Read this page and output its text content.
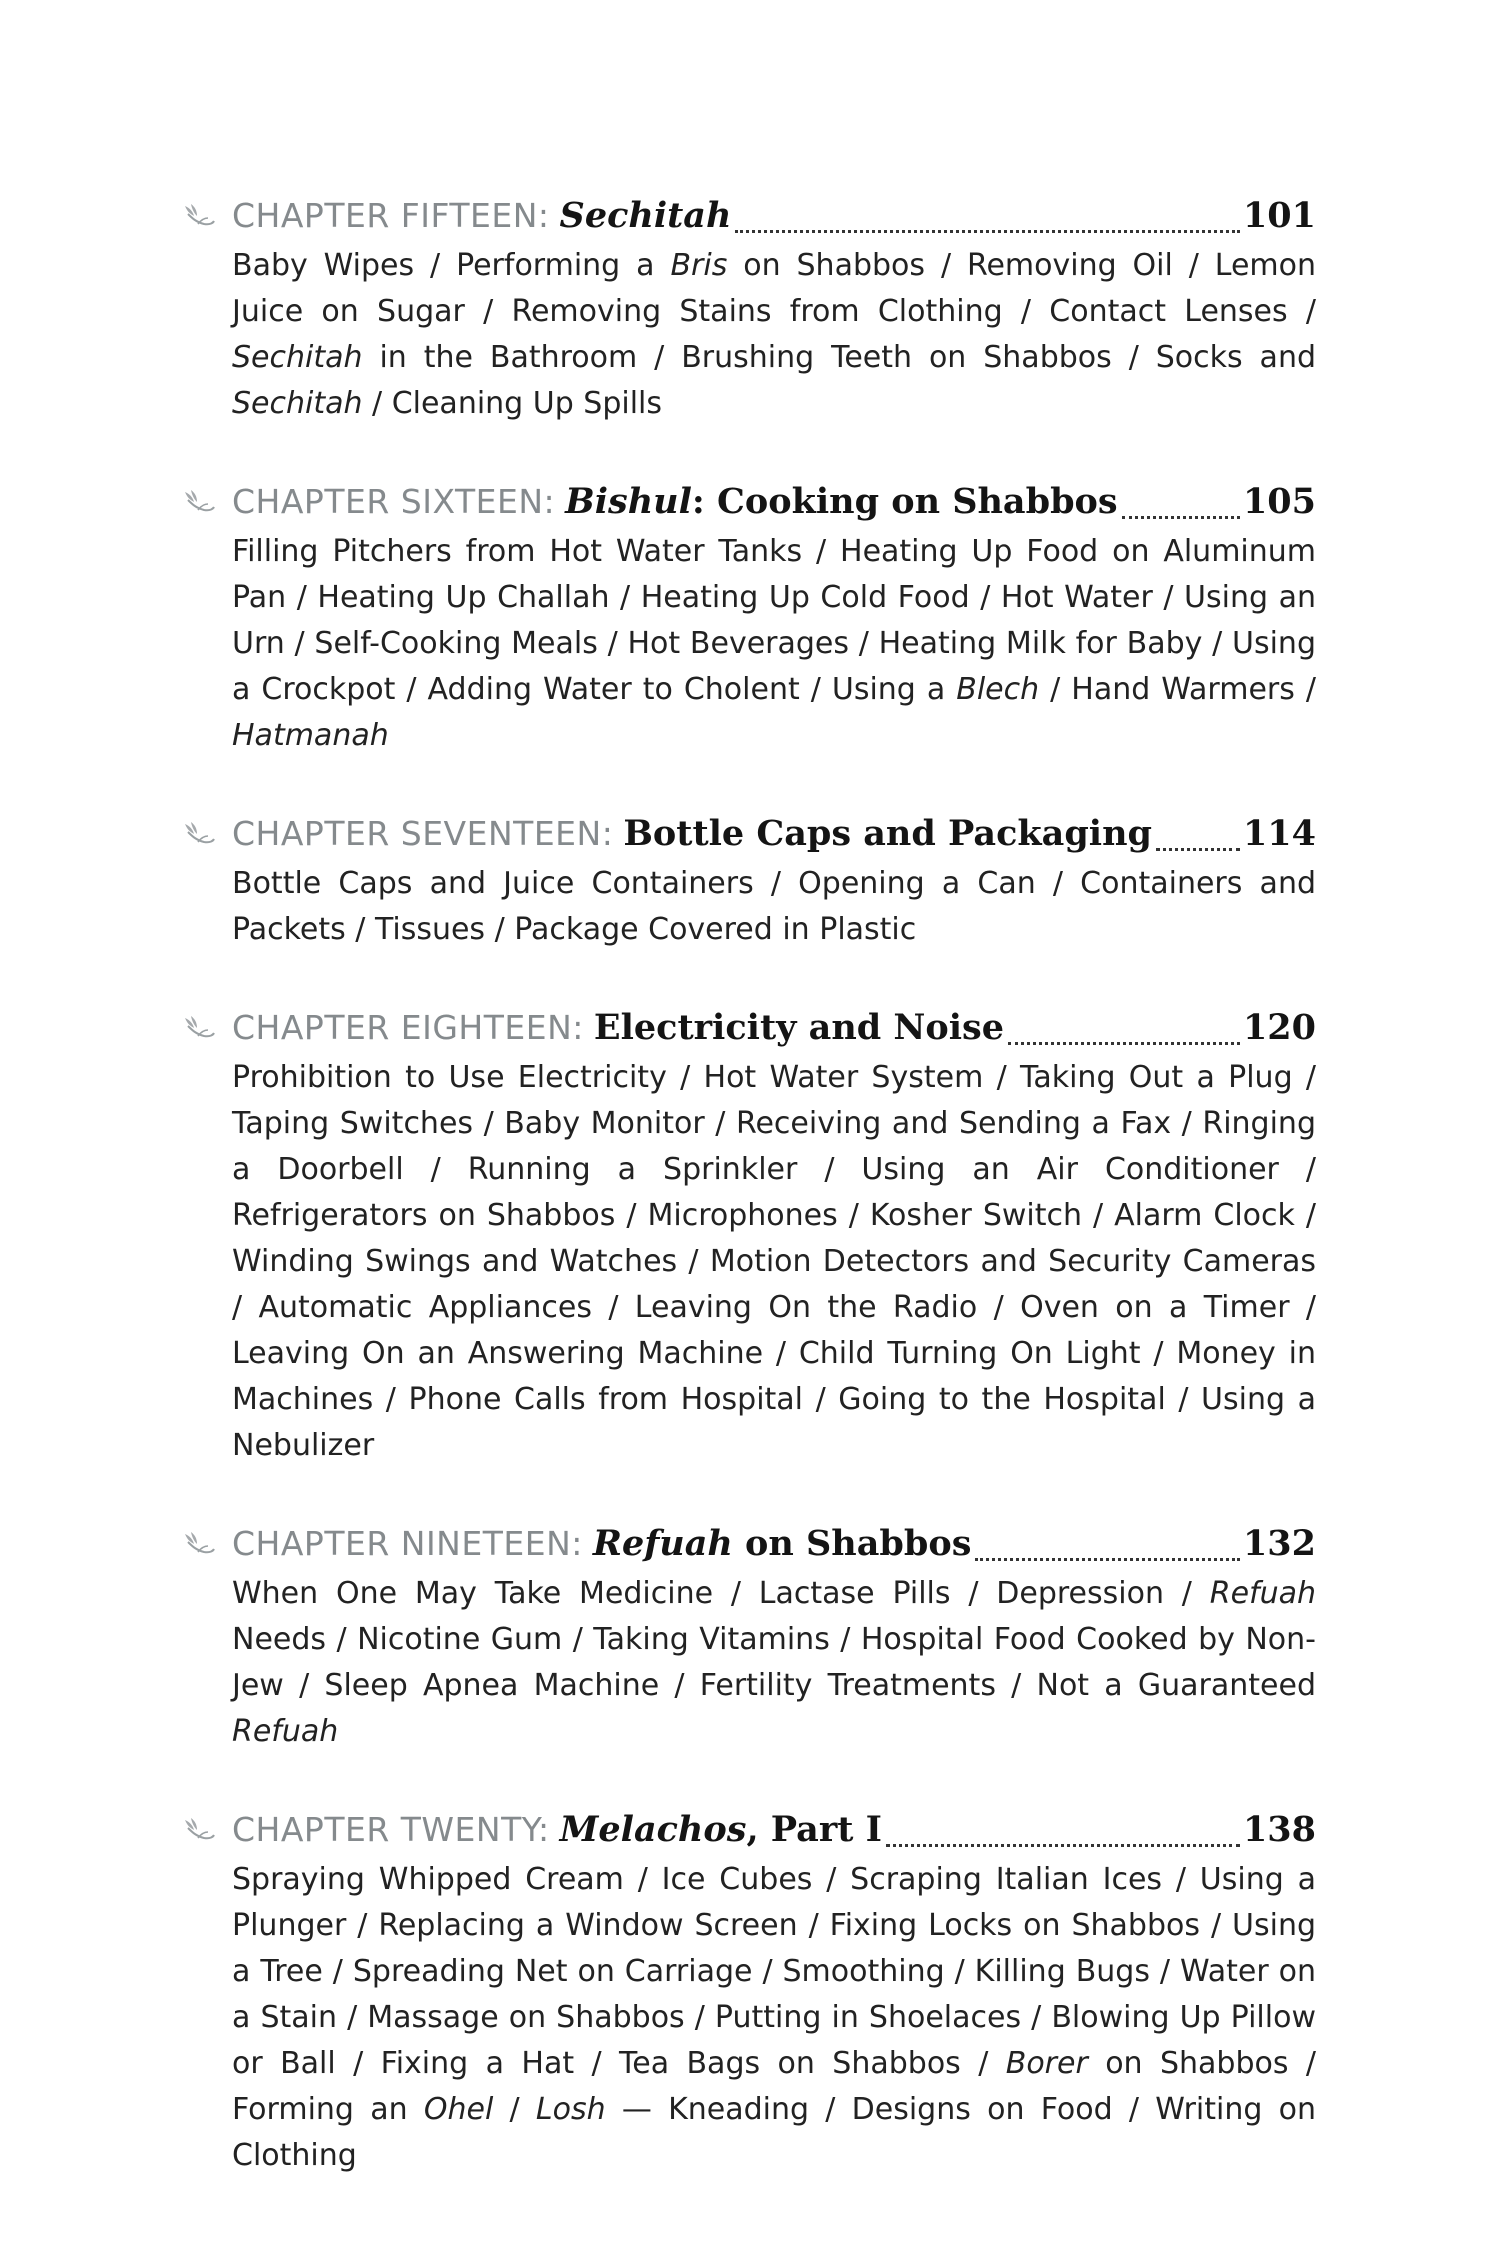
CHAPTER FIFTEEN: Sechitah	101

Baby Wipes / Performing a Bris on Shabbos / Removing Oil / Lemon Juice on Sugar / Removing Stains from Clothing / Contact Lenses / Sechitah in the Bathroom / Brushing Teeth on Shabbos / Socks and Sechitah / Cleaning Up Spills

CHAPTER SIXTEEN: Bishul: Cooking on Shabbos	105

Filling Pitchers from Hot Water Tanks / Heating Up Food on Aluminum Pan / Heating Up Challah / Heating Up Cold Food / Hot Water / Using an Urn / Self-Cooking Meals / Hot Beverages / Heating Milk for Baby / Using a Crockpot / Adding Water to Cholent / Using a Blech / Hand Warmers / Hatmanah

CHAPTER SEVENTEEN: Bottle Caps and Packaging	114

Bottle Caps and Juice Containers / Opening a Can / Containers and Packets / Tissues / Package Covered in Plastic

CHAPTER EIGHTEEN: Electricity and Noise	120

Prohibition to Use Electricity / Hot Water System / Taking Out a Plug / Taping Switches / Baby Monitor / Receiving and Sending a Fax / Ringing a Doorbell / Running a Sprinkler / Using an Air Conditioner / Refrigerators on Shabbos / Microphones / Kosher Switch / Alarm Clock / Winding Swings and Watches / Motion Detectors and Security Cameras / Automatic Appliances / Leaving On the Radio / Oven on a Timer / Leaving On an Answering Machine / Child Turning On Light / Money in Machines / Phone Calls from Hospital / Going to the Hospital / Using a Nebulizer

CHAPTER NINETEEN: Refuah on Shabbos	132

When One May Take Medicine / Lactase Pills / Depression / Refuah Needs / Nicotine Gum / Taking Vitamins / Hospital Food Cooked by Non-Jew / Sleep Apnea Machine / Fertility Treatments / Not a Guaranteed Refuah

CHAPTER TWENTY: Melachos, Part I	138

Spraying Whipped Cream / Ice Cubes / Scraping Italian Ices / Using a Plunger / Replacing a Window Screen / Fixing Locks on Shabbos / Using a Tree / Spreading Net on Carriage / Smoothing / Killing Bugs / Water on a Stain / Massage on Shabbos / Putting in Shoelaces / Blowing Up Pillow or Ball / Fixing a Hat / Tea Bags on Shabbos / Borer on Shabbos / Forming an Ohel / Losh — Kneading / Designs on Food / Writing on Clothing
